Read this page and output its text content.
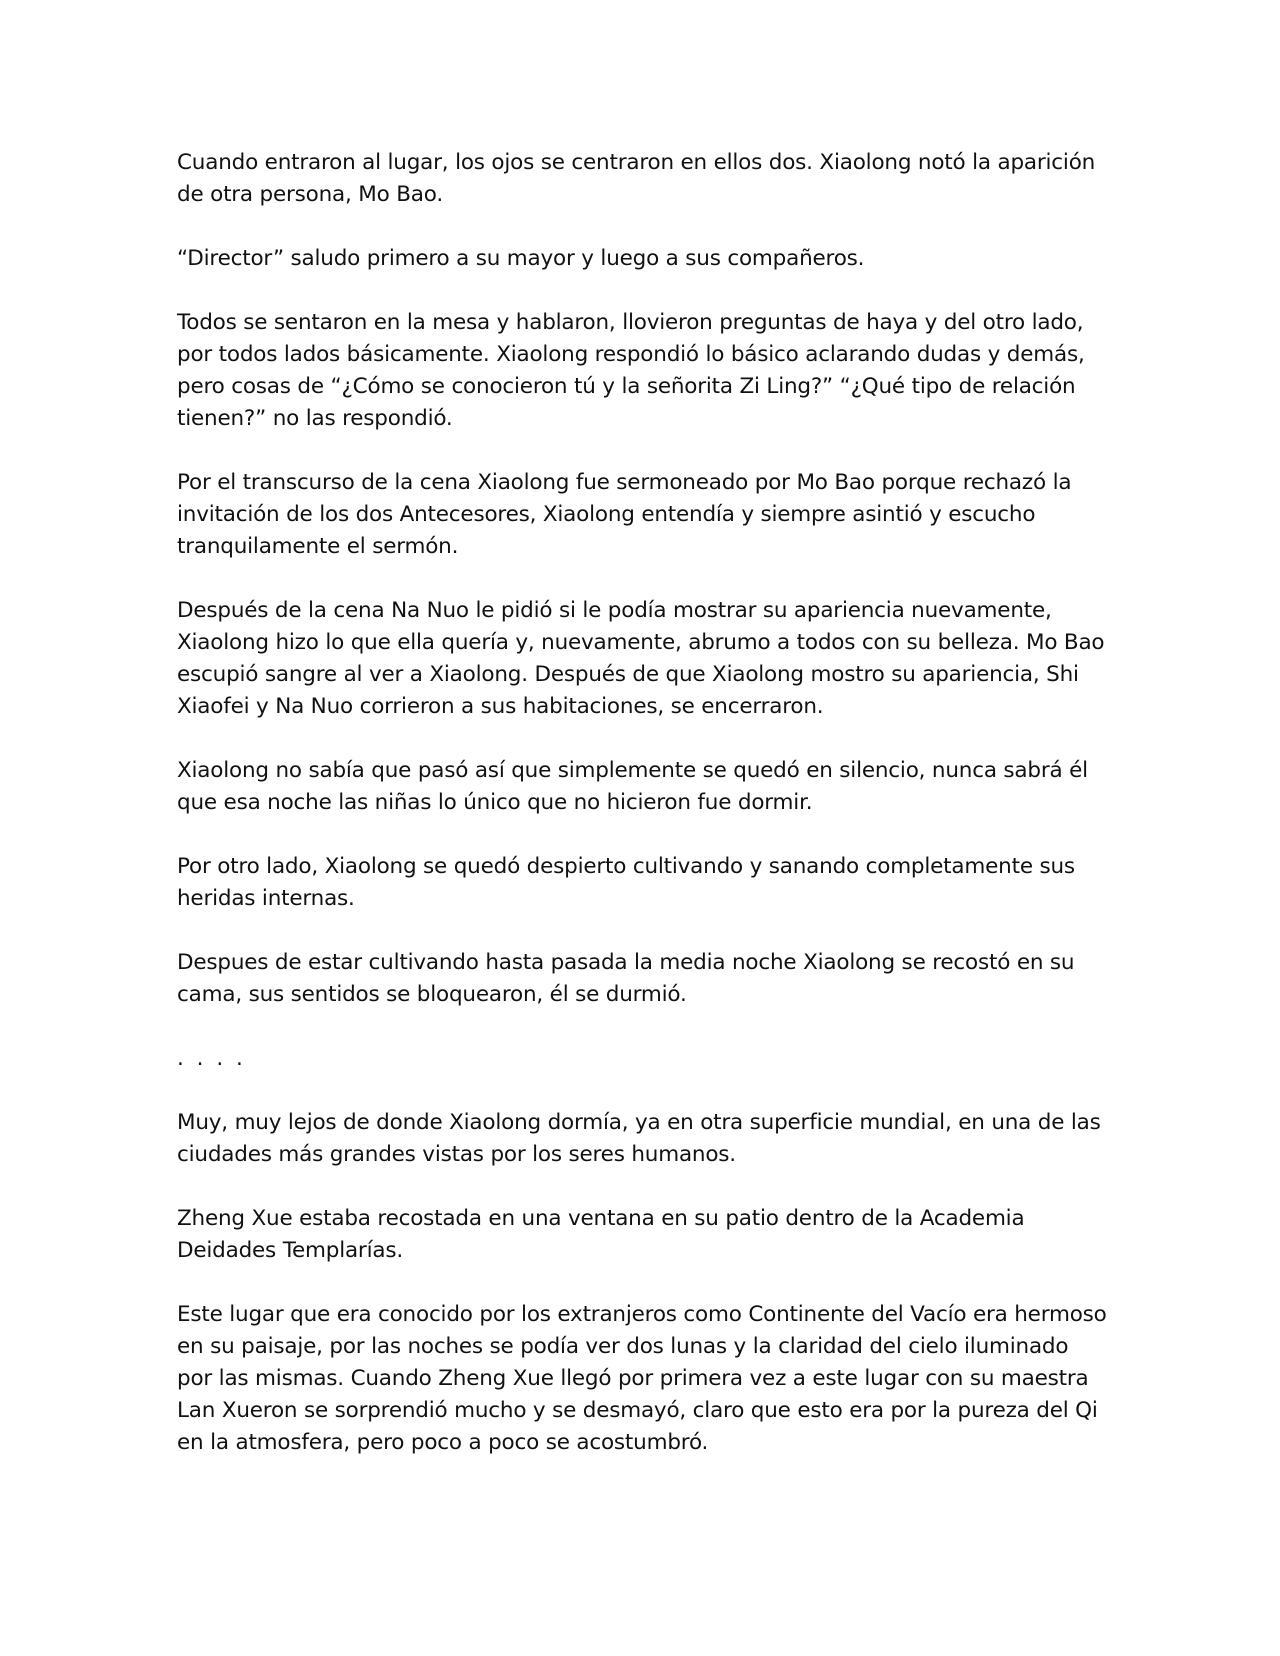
Cuando entraron al lugar, los ojos se centraron en ellos dos. Xiaolong notó la aparición de otra persona, Mo Bao.

“Director” saludo primero a su mayor y luego a sus compañeros.

Todos se sentaron en la mesa y hablaron, llovieron preguntas de haya y del otro lado, por todos lados básicamente. Xiaolong respondió lo básico aclarando dudas y demás, pero cosas de “¿Cómo se conocieron tú y la señorita Zi Ling?” “¿Qué tipo de relación tienen?” no las respondió.

Por el transcurso de la cena Xiaolong fue sermoneado por Mo Bao porque rechazó la invitación de los dos Antecesores, Xiaolong entendía y siempre asintió y escucho tranquilamente el sermón.

Después de la cena Na Nuo le pidió si le podía mostrar su apariencia nuevamente, Xiaolong hizo lo que ella quería y, nuevamente, abrumo a todos con su belleza. Mo Bao escupió sangre al ver a Xiaolong. Después de que Xiaolong mostro su apariencia, Shi Xiaofei y Na Nuo corrieron a sus habitaciones, se encerraron.

Xiaolong no sabía que pasó así que simplemente se quedó en silencio, nunca sabrá él que esa noche las niñas lo único que no hicieron fue dormir.

Por otro lado, Xiaolong se quedó despierto cultivando y sanando completamente sus heridas internas.

Despues de estar cultivando hasta pasada la media noche Xiaolong se recostó en su cama, sus sentidos se bloquearon, él se durmió.

. . . .

Muy, muy lejos de donde Xiaolong dormía, ya en otra superficie mundial, en una de las ciudades más grandes vistas por los seres humanos.

Zheng Xue estaba recostada en una ventana en su patio dentro de la Academia Deidades Templarías.

Este lugar que era conocido por los extranjeros como Continente del Vacío era hermoso en su paisaje, por las noches se podía ver dos lunas y la claridad del cielo iluminado por las mismas. Cuando Zheng Xue llegó por primera vez a este lugar con su maestra Lan Xueron se sorprendió mucho y se desmayó, claro que esto era por la pureza del Qi en la atmosfera, pero poco a poco se acostumbró.
